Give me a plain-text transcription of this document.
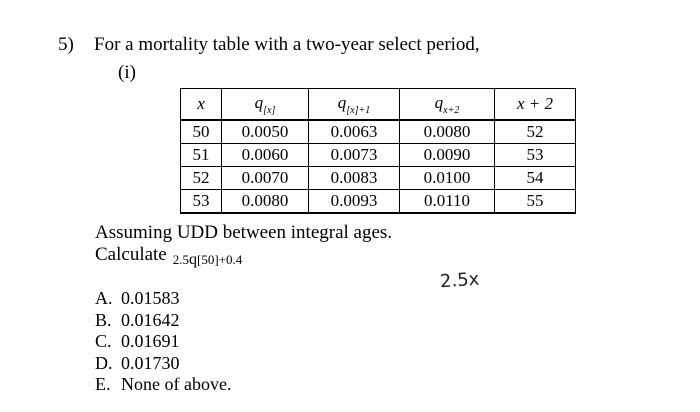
5) For a mortality table with a two-year select period,
(i)
x	$q_{[x]}$	$q_{[x]+1}$	$q_{x+2}$	x + 2
50	0.0050	0.0063	0.0080	52
51	0.0060	0.0073	0.0090	53
52	0.0070	0.0083	0.0100	54
53	0.0080	0.0093	0.0110	55
Assuming UDD between integral ages.
Calculate $_{2.5q[50]+0.4}$
2.5x
A. 0.01583
B. 0.01642
C. 0.01691
D. 0.01730
E. None of above.
